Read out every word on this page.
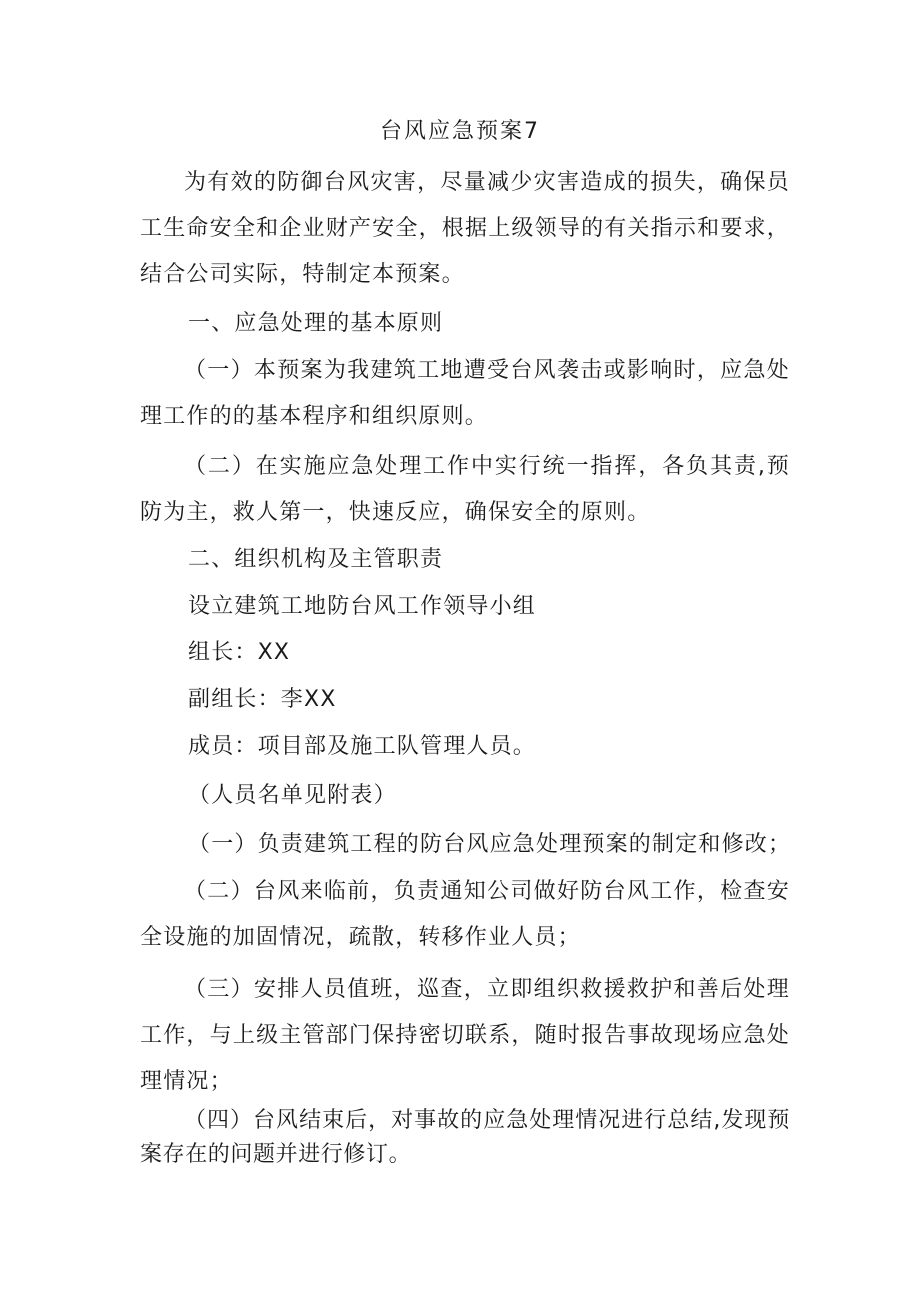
台风应急预案7

为有效的防御台风灾害，尽量减少灾害造成的损失，确保员工生命安全和企业财产安全，根据上级领导的有关指示和要求，结合公司实际，特制定本预案。

一、应急处理的基本原则

（一）本预案为我建筑工地遭受台风袭击或影响时，应急处理工作的的基本程序和组织原则。

（二）在实施应急处理工作中实行统一指挥，各负其责,预防为主，救人第一，快速反应，确保安全的原则。

二、组织机构及主管职责

设立建筑工地防台风工作领导小组

组长：XX

副组长：李XX

成员：项目部及施工队管理人员。

（人员名单见附表）

（一）负责建筑工程的防台风应急处理预案的制定和修改；

（二）台风来临前，负责通知公司做好防台风工作，检查安全设施的加固情况，疏散，转移作业人员；

（三）安排人员值班，巡查，立即组织救援救护和善后处理工作，与上级主管部门保持密切联系，随时报告事故现场应急处理情况；

（四）台风结束后，对事故的应急处理情况进行总结,发现预案存在的问题并进行修订。
